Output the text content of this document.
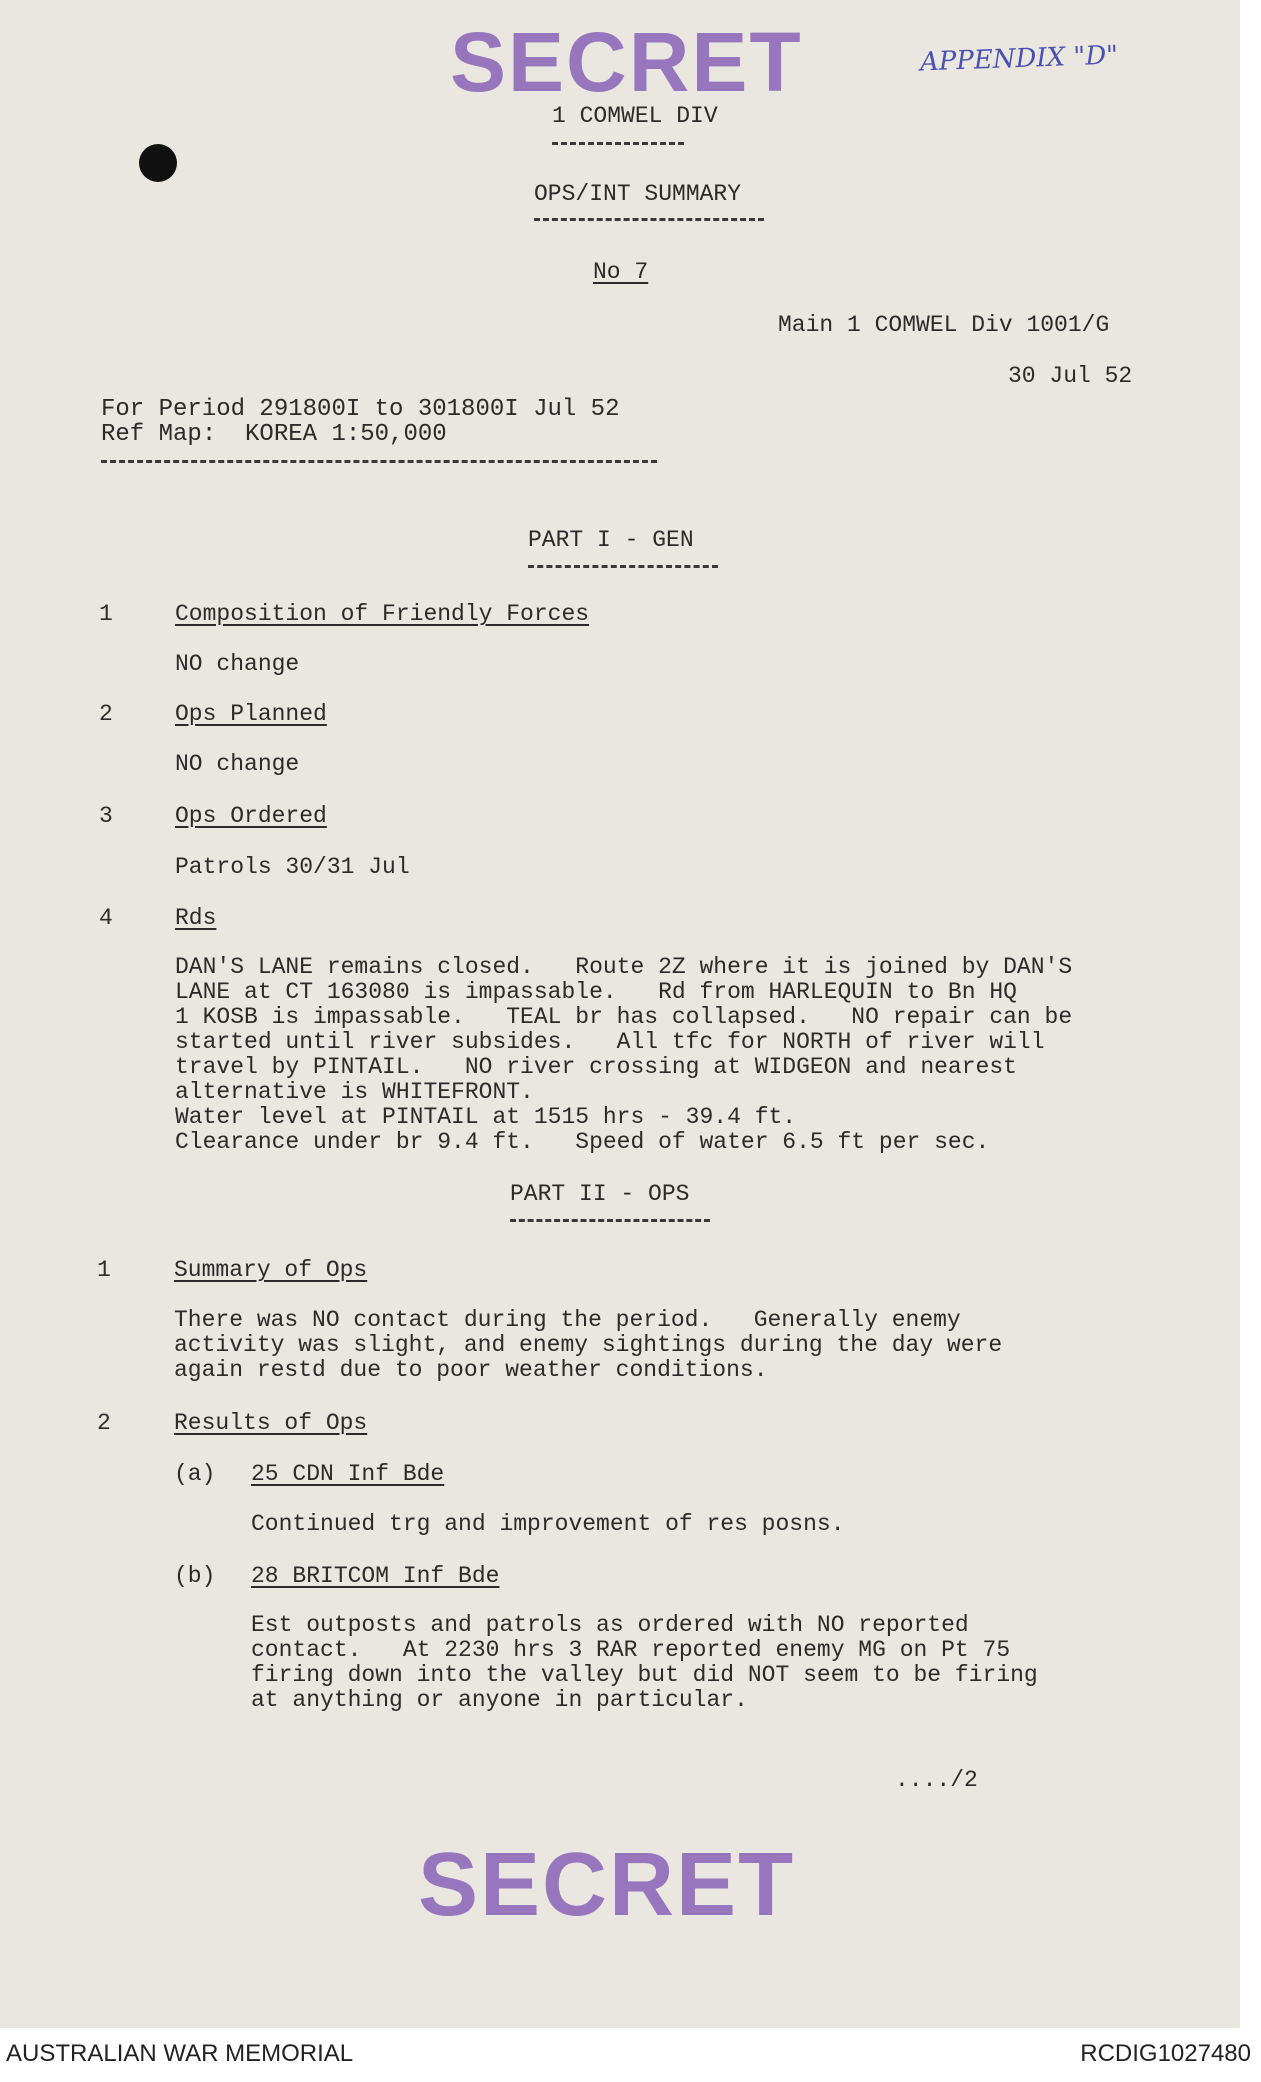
SECRET	APPENDIX "D"
1 COMWEL DIV
OPS/INT SUMMARY
No 7
Main 1 COMWEL Div 1001/G
30 Jul 52
For Period 291800I to 301800I Jul 52
Ref Map:  KOREA 1:50,000
PART I - GEN
1	Composition of Friendly Forces
NO change
2	Ops Planned
NO change
3	Ops Ordered
Patrols 30/31 Jul
4	Rds
DAN'S LANE remains closed.   Route 2Z where it is joined by DAN'S
LANE at CT 163080 is impassable.   Rd from HARLEQUIN to Bn HQ
1 KOSB is impassable.   TEAL br has collapsed.   NO repair can be
started until river subsides.   All tfc for NORTH of river will
travel by PINTAIL.   NO river crossing at WIDGEON and nearest
alternative is WHITEFRONT.
Water level at PINTAIL at 1515 hrs - 39.4 ft.
Clearance under br 9.4 ft.   Speed of water 6.5 ft per sec.
PART II - OPS
1	Summary of Ops
There was NO contact during the period.   Generally enemy
activity was slight, and enemy sightings during the day were
again restd due to poor weather conditions.
2	Results of Ops
(a) 25 CDN Inf Bde
Continued trg and improvement of res posns.
(b) 28 BRITCOM Inf Bde
Est outposts and patrols as ordered with NO reported
contact.   At 2230 hrs 3 RAR reported enemy MG on Pt 75
firing down into the valley but did NOT seem to be firing
at anything or anyone in particular.
..../2
SECRET
AUSTRALIAN WAR MEMORIAL	RCDIG1027480
